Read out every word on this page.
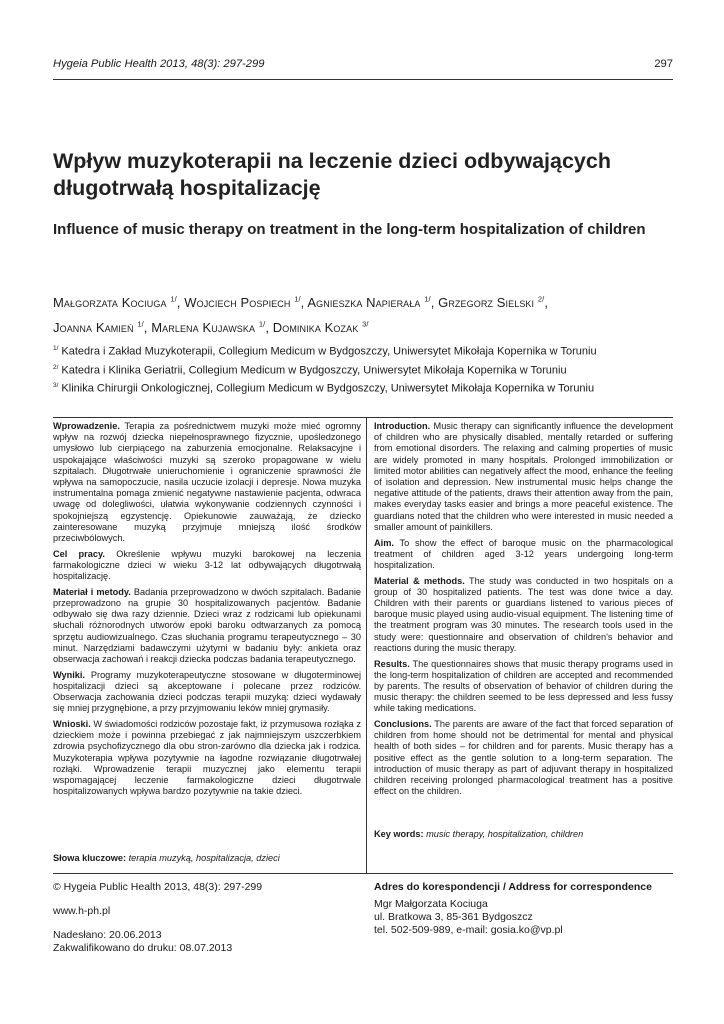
Hygeia Public Health 2013, 48(3): 297-299	297
Wpływ muzykoterapii na leczenie dzieci odbywających długotrwałą hospitalizację
Influence of music therapy on treatment in the long-term hospitalization of children
Małgorzata Kociuga $^{1/}$, Wojciech Pospiech $^{1/}$, Agnieszka Napierała $^{1/}$, Grzegorz Sielski $^{2/}$,
Joanna Kamień $^{1/}$, Marlena Kujawska $^{1/}$, Dominika Kozak $^{3/}$
$^{1/}$ Katedra i Zakład Muzykoterapii, Collegium Medicum w Bydgoszczy, Uniwersytet Mikołaja Kopernika w Toruniu
$^{2/}$ Katedra i Klinika Geriatrii, Collegium Medicum w Bydgoszczy, Uniwersytet Mikołaja Kopernika w Toruniu
$^{3/}$ Klinika Chirurgii Onkologicznej, Collegium Medicum w Bydgoszczy, Uniwersytet Mikołaja Kopernika w Toruniu

Wprowadzenie. Terapia za pośrednictwem muzyki może mieć ogromny wpływ na rozwój dziecka niepełnosprawnego fizycznie, upośledzonego umysłowo lub cierpiącego na zaburzenia emocjonalne. Relaksacyjne i uspokajające właściwości muzyki są szeroko propagowane w wielu szpitalach. Długotrwałe unieruchomienie i ograniczenie sprawności źle wpływa na samopoczucie, nasila uczucie izolacji i depresje. Nowa muzyka instrumentalna pomaga zmienić negatywne nastawienie pacjenta, odwraca uwagę od dolegliwości, ułatwia wykonywanie codziennych czynności i spokojniejszą egzystencję. Opiekunowie zauważają, że dziecko zainteresowane muzyką przyjmuje mniejszą ilość środków przeciwbólowych.

Cel pracy. Określenie wpływu muzyki barokowej na leczenia farmakologiczne dzieci w wieku 3-12 lat odbywających długotrwałą hospitalizację.

Materiał i metody. Badania przeprowadzono w dwóch szpitalach. Badanie przeprowadzono na grupie 30 hospitalizowanych pacjentów. Badanie odbywało się dwa razy dziennie. Dzieci wraz z rodzicami lub opiekunami słuchali różnorodnych utworów epoki baroku odtwarzanych za pomocą sprzętu audiowizualnego. Czas słuchania programu terapeutycznego – 30 minut. Narzędziami badawczymi użytymi w badaniu były: ankieta oraz obserwacja zachowań i reakcji dziecka podczas badania terapeutycznego.

Wyniki. Programy muzykoterapeutyczne stosowane w długoterminowej hospitalizacji dzieci są akceptowane i polecane przez rodziców. Obserwacja zachowania dzieci podczas terapii muzyką: dzieci wydawały się mniej przygnębione, a przy przyjmowaniu leków mniej grymasiły.

Wnioski. W świadomości rodziców pozostaje fakt, iż przymusowa rozłąka z dzieckiem może i powinna przebiegać z jak najmniejszym uszczerbkiem zdrowia psychofizycznego dla obu stron-zarówno dla dziecka jak i rodzica. Muzykoterapia wpływa pozytywnie na łagodne rozwiązanie długotrwałej rozłąki. Wprowadzenie terapii muzycznej jako elementu terapii wspomagającej leczenie farmakologiczne dzieci długotrwale hospitalizowanych wpływa bardzo pozytywnie na takie dzieci.

Słowa kluczowe: terapia muzyką, hospitalizacja, dzieci

Introduction. Music therapy can significantly influence the development of children who are physically disabled, mentally retarded or suffering from emotional disorders. The relaxing and calming properties of music are widely promoted in many hospitals. Prolonged immobilization or limited motor abilities can negatively affect the mood, enhance the feeling of isolation and depression. New instrumental music helps change the negative attitude of the patients, draws their attention away from the pain, makes everyday tasks easier and brings a more peaceful existence. The guardians noted that the children who were interested in music needed a smaller amount of painkillers.

Aim. To show the effect of baroque music on the pharmacological treatment of children aged 3-12 years undergoing long-term hospitalization.

Material & methods. The study was conducted in two hospitals on a group of 30 hospitalized patients. The test was done twice a day. Children with their parents or guardians listened to various pieces of baroque music played using audio-visual equipment. The listening time of the treatment program was 30 minutes. The research tools used in the study were: questionnaire and observation of children's behavior and reactions during the music therapy.

Results. The questionnaires shows that music therapy programs used in the long-term hospitalization of children are accepted and recommended by parents. The results of observation of behavior of children during the music therapy: the children seemed to be less depressed and less fussy while taking medications.

Conclusions. The parents are aware of the fact that forced separation of children from home should not be detrimental for mental and physical health of both sides – for children and for parents. Music therapy has a positive effect as the gentle solution to a long-term separation. The introduction of music therapy as part of adjuvant therapy in hospitalized children receiving prolonged pharmacological treatment has a positive effect on the children.

Key words: music therapy, hospitalization, children
© Hygeia Public Health 2013, 48(3): 297-299
www.h-ph.pl
Nadesłano: 20.06.2013
Zakwalifikowano do druku: 08.07.2013
Adres do korespondencji / Address for correspondence
Mgr Małgorzata Kociuga
ul. Bratkowa 3, 85-361 Bydgoszcz
tel. 502-509-989, e-mail: gosia.ko@vp.pl
